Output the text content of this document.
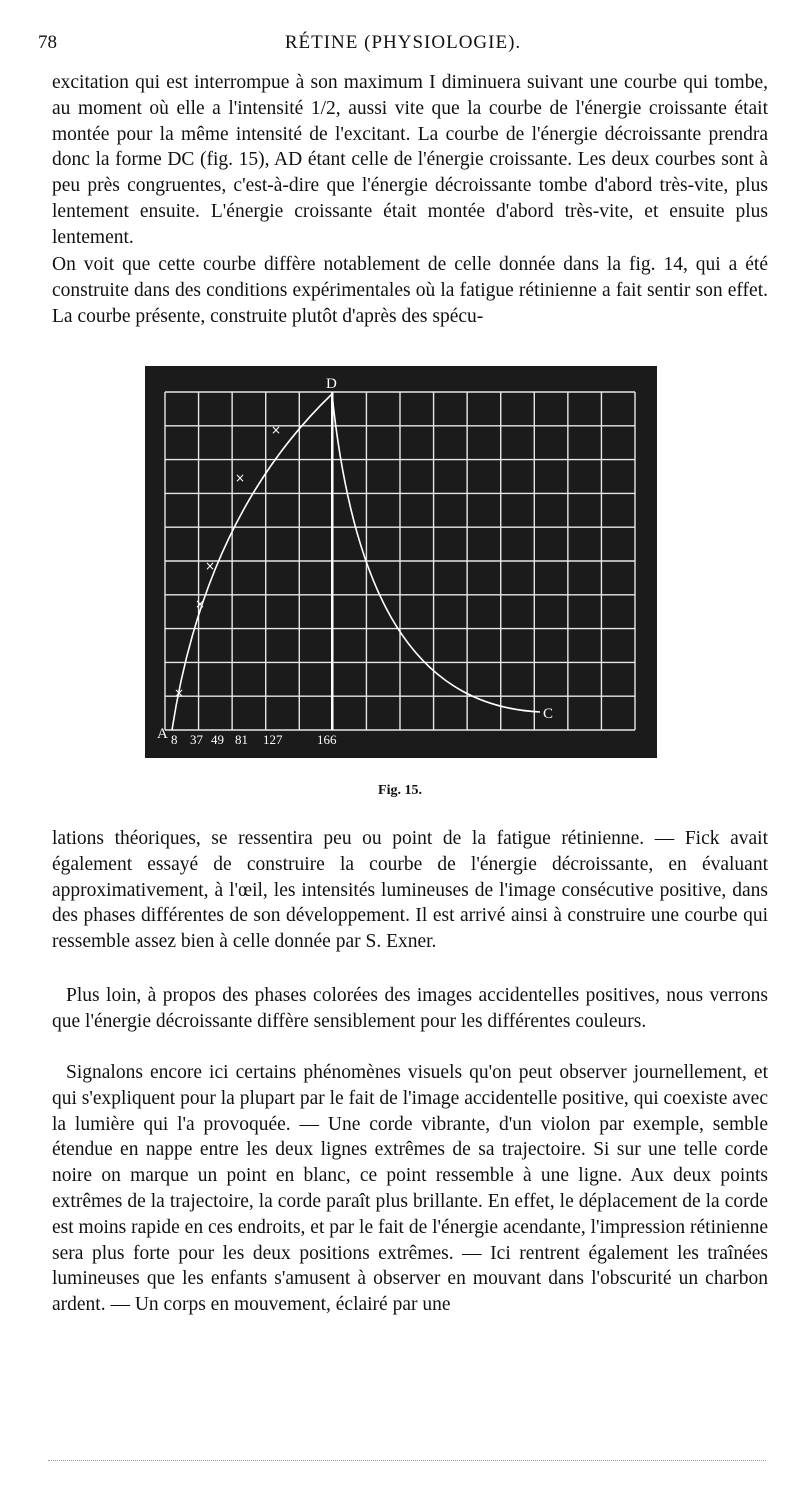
78	RÉTINE (PHYSIOLOGIE).

excitation qui est interrompue à son maximum I diminuera suivant une courbe qui tombe, au moment où elle a l'intensité 1/2, aussi vite que la courbe de l'énergie croissante était montée pour la même intensité de l'excitant. La courbe de l'énergie décroissante prendra donc la forme DC (fig. 15), AD étant celle de l'énergie croissante. Les deux courbes sont à peu près congruentes, c'est-à-dire que l'énergie décroissante tombe d'abord très-vite, plus lentement ensuite. L'énergie croissante était montée d'abord très-vite, et ensuite plus lentement.

On voit que cette courbe diffère notablement de celle donnée dans la fig. 14, qui a été construite dans des conditions expérimentales où la fatigue rétinienne a fait sentir son effet. La courbe présente, construite plutôt d'après des spécu-

×
×
×
×
×
D
C
A 8 37 49 81 127	166
Fig. 15.

lations théoriques, se ressentira peu ou point de la fatigue rétinienne. — Fick avait également essayé de construire la courbe de l'énergie décroissante, en évaluant approximativement, à l'œil, les intensités lumineuses de l'image consécutive positive, dans des phases différentes de son développement. Il est arrivé ainsi à construire une courbe qui ressemble assez bien à celle donnée par S. Exner.

Plus loin, à propos des phases colorées des images accidentelles positives, nous verrons que l'énergie décroissante diffère sensiblement pour les différentes couleurs.

Signalons encore ici certains phénomènes visuels qu'on peut observer journellement, et qui s'expliquent pour la plupart par le fait de l'image accidentelle positive, qui coexiste avec la lumière qui l'a provoquée. — Une corde vibrante, d'un violon par exemple, semble étendue en nappe entre les deux lignes extrêmes de sa trajectoire. Si sur une telle corde noire on marque un point en blanc, ce point ressemble à une ligne. Aux deux points extrêmes de la trajectoire, la corde paraît plus brillante. En effet, le déplacement de la corde est moins rapide en ces endroits, et par le fait de l'énergie acendante, l'impression rétinienne sera plus forte pour les deux positions extrêmes. — Ici rentrent également les traînées lumineuses que les enfants s'amusent à observer en mouvant dans l'obscurité un charbon ardent. — Un corps en mouvement, éclairé par une
